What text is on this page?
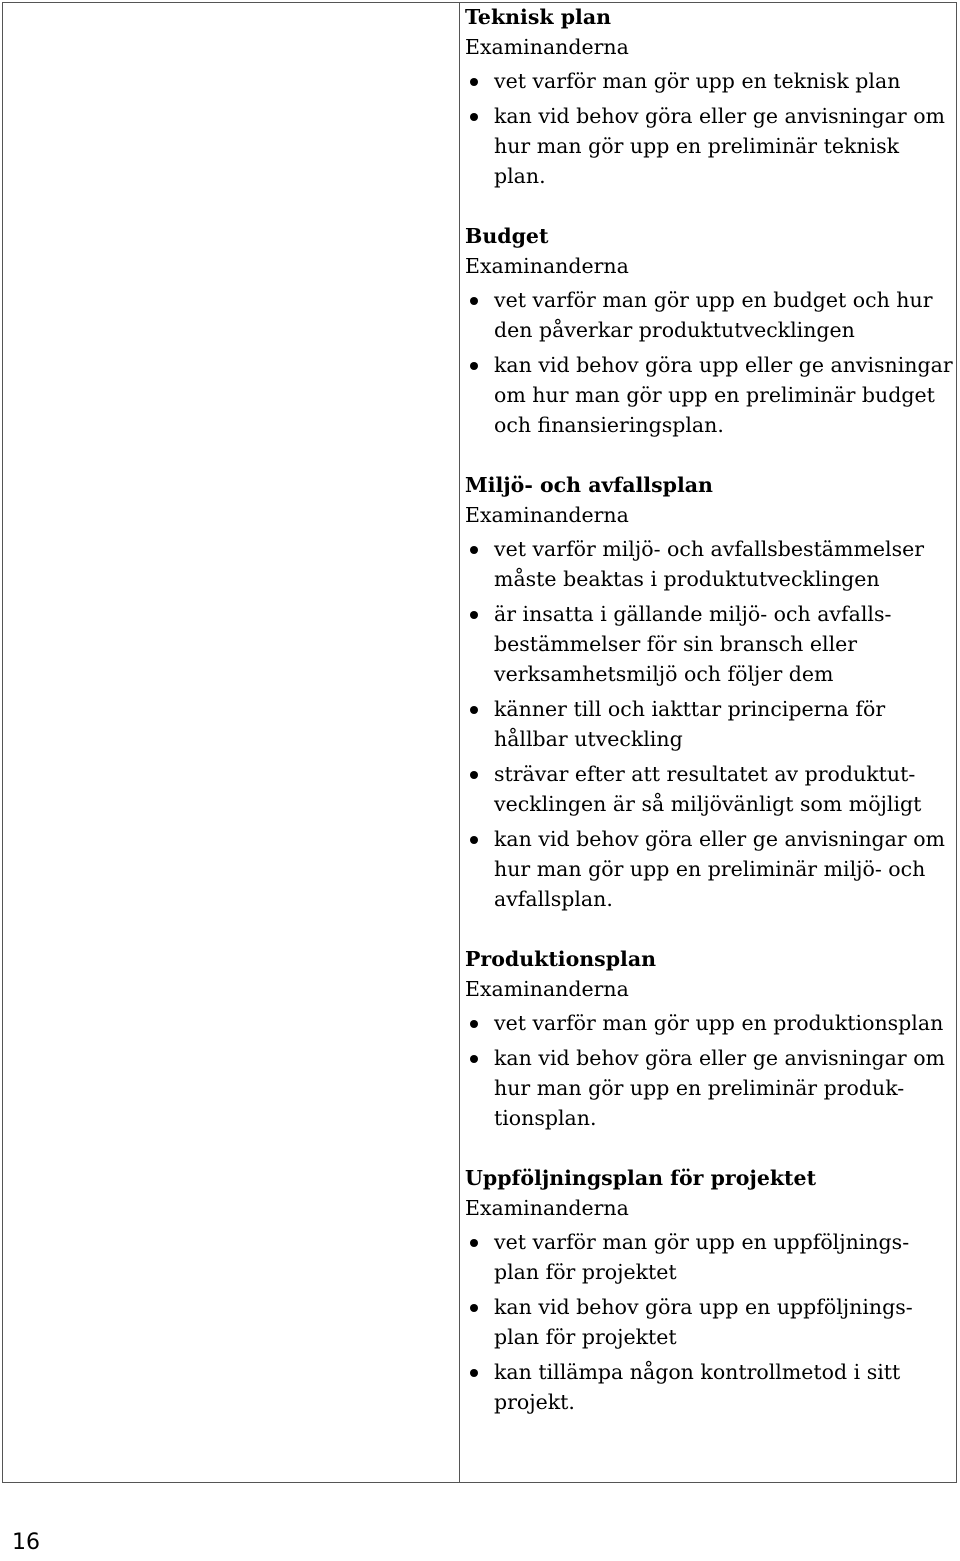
Teknisk plan
Examinanderna
vet varför man gör upp en teknisk plan
kan vid behov göra eller ge anvisningar om
hur man gör upp en preliminär teknisk
plan.
Budget
Examinanderna
vet varför man gör upp en budget och hur
den påverkar produktutvecklingen
kan vid behov göra upp eller ge anvisningar
om hur man gör upp en preliminär budget
och finansieringsplan.
Miljö- och avfallsplan
Examinanderna
vet varför miljö- och avfallsbestämmelser
måste beaktas i produktutvecklingen
är insatta i gällande miljö- och avfalls-
bestämmelser för sin bransch eller
verksamhetsmiljö och följer dem
känner till och iakttar principerna för
hållbar utveckling
strävar efter att resultatet av produktut-
vecklingen är så miljövänligt som möjligt
kan vid behov göra eller ge anvisningar om
hur man gör upp en preliminär miljö- och
avfallsplan.
Produktionsplan
Examinanderna
vet varför man gör upp en produktionsplan
kan vid behov göra eller ge anvisningar om
hur man gör upp en preliminär produk-
tionsplan.
Uppföljningsplan för projektet
Examinanderna
vet varför man gör upp en uppföljnings-
plan för projektet
kan vid behov göra upp en uppföljnings-
plan för projektet
kan tillämpa någon kontrollmetod i sitt
projekt.
16
